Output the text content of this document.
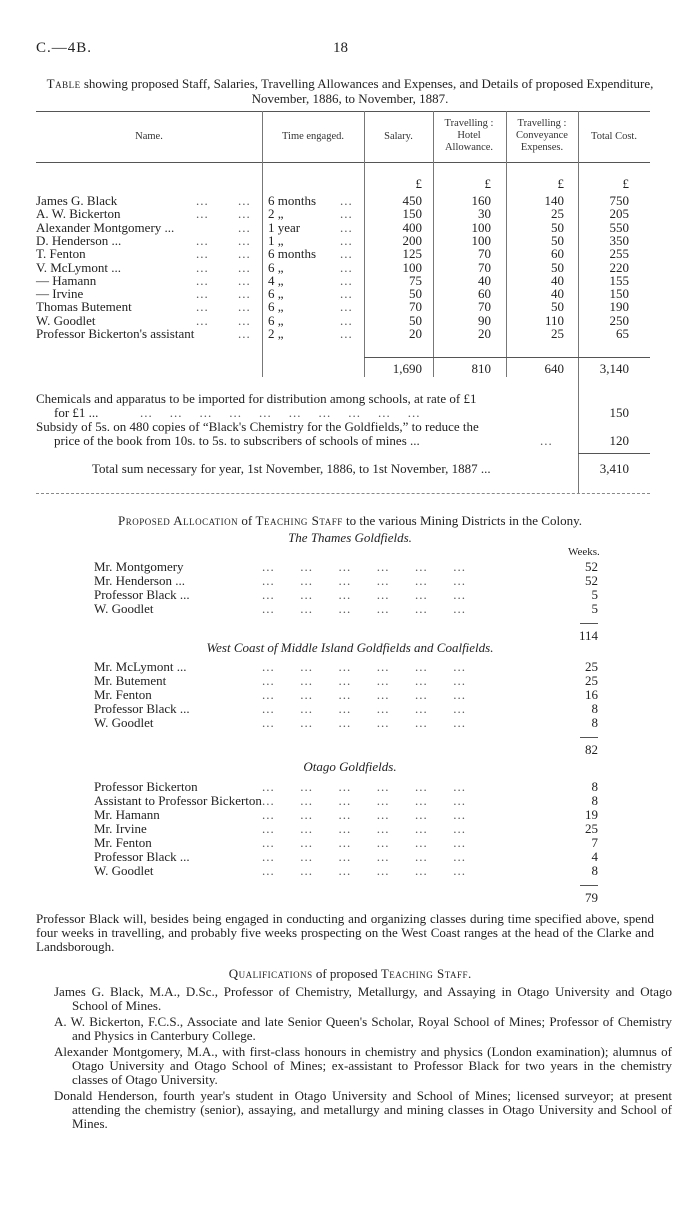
C.—4B.	18
Table showing proposed Staff, Salaries, Travelling Allowances and Expenses, and Details of proposed Expenditure, November, 1886, to November, 1887.
Name.	Time engaged.	Salary.
Travelling : Hotel Allowance.
Travelling : Conveyance Expenses.
Total Cost.
£	£	£	£
James G. Black	... ... 6 months ...	450	160	140	750
A. W. Bickerton	... ... 2 „	...	150	30	25	205
Alexander Montgomery ...	... 1 year	...	400	100	50	550
D. Henderson ...	... ... 1 „	...	200	100	50	350
T. Fenton	... ... 6 months ...	125	70	60	255
V. McLymont ...	... ... 6 „	...	100	70	50	220
— Hamann	... ... 4 „	...	75	40	40	155
— Irvine	... ... 6 „	...	50	60	40	150
Thomas Butement	... ... 6 „	...	70	70	50	190
W. Goodlet	... ... 6 „	...	50	90	110	250
Professor Bickerton's assistant	... 2 „	...	20	20	25	65
1,690	810	640	3,140
Chemicals and apparatus to be imported for distribution among schools, at rate of £1
for £1 ...	...    ...    ...    ...    ...    ...    ...    ...    ...    ...	150
Subsidy of 5s. on 480 copies of “Black's Chemistry for the Goldfields,” to reduce the
price of the book from 10s. to 5s. to subscribers of schools of mines ...	...	120
Total sum necessary for year, 1st November, 1886, to 1st November, 1887 ...	3,410
Proposed Allocation of Teaching Staff to the various Mining Districts in the Colony.
Weeks.
The Thames Goldfields.
Mr. Montgomery	...      ...      ...      ...      ...      ...	52
Mr. Henderson ...	...      ...      ...      ...      ...      ...	52
Professor Black ...	...      ...      ...      ...      ...      ...	5
W. Goodlet	...      ...      ...      ...      ...      ...	5
114
West Coast of Middle Island Goldfields and Coalfields.
Mr. McLymont ...	...      ...      ...      ...      ...      ...	25
Mr. Butement	...      ...      ...      ...      ...      ...	25
Mr. Fenton	...      ...      ...      ...      ...      ...	16
Professor Black ...	...      ...      ...      ...      ...      ...	8
W. Goodlet	...      ...      ...      ...      ...      ...	8
82
Otago Goldfields.
Professor Bickerton	...      ...      ...      ...      ...      ...	8
Assistant to Professor Bickerton ...      ...      ...      ...      ...      ...	8
Mr. Hamann	...      ...      ...      ...      ...      ...	19
Mr. Irvine	...      ...      ...      ...      ...      ...	25
Mr. Fenton	...      ...      ...      ...      ...      ...	7
Professor Black ...	...      ...      ...      ...      ...      ...	4
W. Goodlet	...      ...      ...      ...      ...      ...	8
79
Professor Black will, besides being engaged in conducting and organizing classes during time specified above, spend four weeks in travelling, and probably five weeks prospecting on the West Coast ranges at the head of the Clarke and Landsborough.
Qualifications of proposed Teaching Staff.
James G. Black, M.A., D.Sc., Professor of Chemistry, Metallurgy, and Assaying in Otago University and Otago School of Mines.
A. W. Bickerton, F.C.S., Associate and late Senior Queen's Scholar, Royal School of Mines; Professor of Chemistry and Physics in Canterbury College.
Alexander Montgomery, M.A., with first-class honours in chemistry and physics (London examination); alumnus of Otago University and Otago School of Mines; ex-assistant to Professor Black for two years in the chemistry classes of Otago University.
Donald Henderson, fourth year's student in Otago University and School of Mines; licensed surveyor; at present attending the chemistry (senior), assaying, and metallurgy and mining classes in Otago University and School of Mines.
